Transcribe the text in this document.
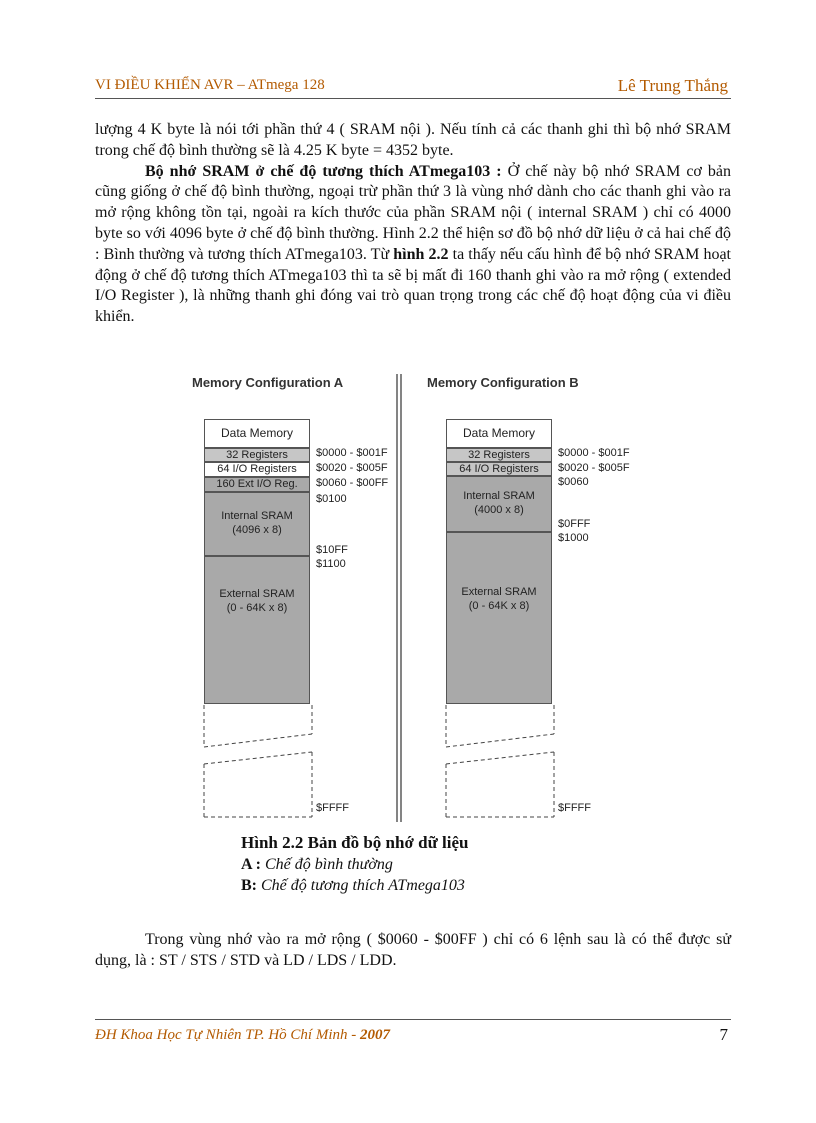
VI ĐIỀU KHIỂN AVR – ATmega 128	Lê Trung Thắng

lượng 4 K byte là nói tới phần thứ 4 ( SRAM nội ). Nếu tính cả các thanh ghi thì bộ nhớ SRAM trong chế độ bình thường sẽ là 4.25 K byte = 4352 byte.

Bộ nhớ SRAM ở chế độ tương thích ATmega103 : Ở chế này bộ nhớ SRAM cơ bản cũng giống ở chế độ bình thường, ngoại trừ phần thứ 3 là vùng nhớ dành cho các thanh ghi vào ra mở rộng không tồn tại, ngoài ra kích thước của phần SRAM nội ( internal SRAM ) chỉ có 4000 byte so với 4096 byte ở chế độ bình thường. Hình 2.2 thể hiện sơ đồ bộ nhớ dữ liệu ở cả hai chế độ : Bình thường và tương thích ATmega103. Từ hình 2.2 ta thấy nếu cấu hình để bộ nhớ SRAM hoạt động ở chế độ tương thích ATmega103 thì ta sẽ bị mất đi 160 thanh ghi vào ra mở rộng ( extended I/O Register ), là những thanh ghi đóng vai trò quan trọng trong các chế độ hoạt động của vi điều khiển.

Memory Configuration A
Data Memory
32 Registers
64 I/O Registers
160 Ext I/O Reg.
Internal SRAM
(4096 x 8)
External SRAM
(0 - 64K x 8)
$0000 - $001F
$0020 - $005F
$0060 - $00FF
$0100
$10FF
$1100
$FFFF
Memory Configuration B
Data Memory
32 Registers
64 I/O Registers
Internal SRAM
(4000 x 8)
External SRAM
(0 - 64K x 8)
$0000 - $001F
$0020 - $005F
$0060
$0FFF
$1000
$FFFF
Hình 2.2 Bản đồ bộ nhớ dữ liệu
A : Chế độ bình thường
B: Chế độ tương thích ATmega103

Trong vùng nhớ vào ra mở rộng ( $0060 - $00FF ) chỉ có 6 lệnh sau là có thể được sử dụng, là : ST / STS / STD và LD / LDS / LDD.

ĐH Khoa Học Tự Nhiên TP. Hồ Chí Minh - 2007	7
